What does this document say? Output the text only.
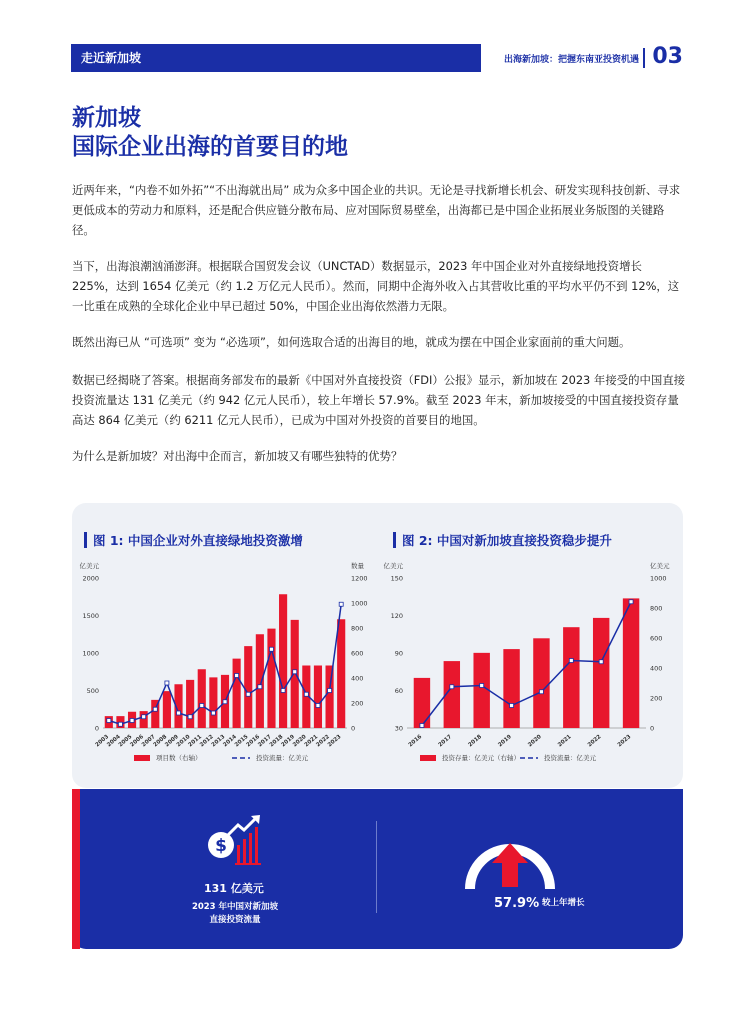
走近新加坡	出海新加坡：把握东南亚投资机遇 03
新加坡
国际企业出海的首要目的地
近两年来，“内卷不如外拓”“不出海就出局” 成为众多中国企业的共识。无论是寻找新增长机会、研发实现科技创新、寻求更低成本的劳动力和原料，还是配合供应链分散布局、应对国际贸易壁垒，出海都已是中国企业拓展业务版图的关键路径。
当下，出海浪潮汹涌澎湃。根据联合国贸发会议（UNCTAD）数据显示，2023 年中国企业对外直接绿地投资增长 225%，达到 1654 亿美元（约 1.2 万亿元人民币）。然而，同期中企海外收入占其营收比重的平均水平仍不到 12%，这一比重在成熟的全球化企业中早已超过 50%，中国企业出海依然潜力无限。
既然出海已从 “可选项” 变为 “必选项”，如何选取合适的出海目的地，就成为摆在中国企业家面前的重大问题。
数据已经揭晓了答案。根据商务部发布的最新《中国对外直接投资（FDI）公报》显示，新加坡在 2023 年接受的中国直接投资流量达 131 亿美元（约 942 亿元人民币），较上年增长 57.9%。截至 2023 年末，新加坡接受的中国直接投资存量高达 864 亿美元（约 6211 亿元人民币），已成为中国对外投资的首要目的地国。
为什么是新加坡？对出海中企而言，新加坡又有哪些独特的优势？
图 1: 中国企业对外直接绿地投资激增	图 2: 中国对新加坡直接投资稳步提升
亿美元	数量
0
500
1000
1500
2000
0
200
400
600
800
1000
1200
2003
2004
2005
2006
2007
2008
2009
2010
2011
2012
2013
2014
2015
2016
2017
2018
2019
2020
2021
2022
2023
项目数（右轴）	投资流量：亿美元
亿美元	亿美元
30
60
90
120
150
0
200
400
600
800
1000
2016	2017	2018	2019	2020	2021	2022	2023
投资存量：亿美元（右轴）	投资流量：亿美元
$
131 亿美元
2023 年中国对新加坡
直接投资流量
57.9% 较上年增长
